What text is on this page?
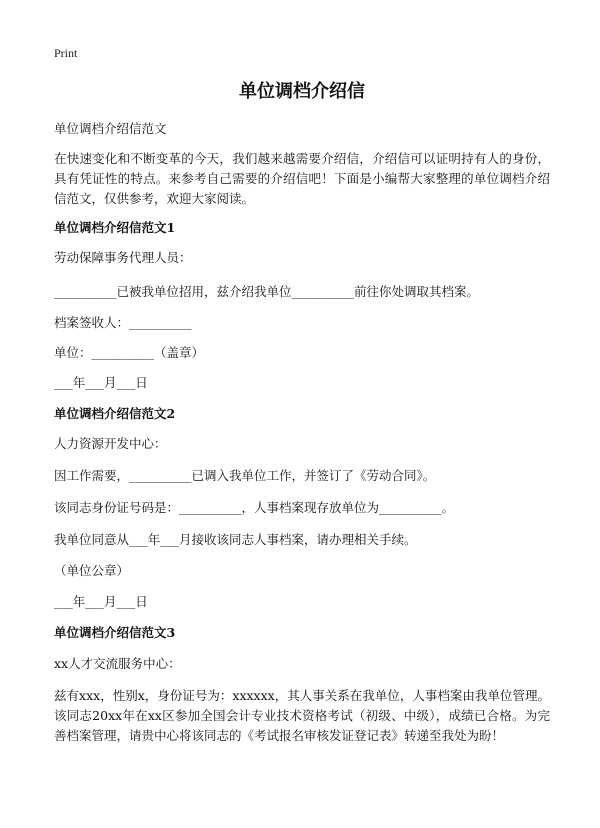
Print
单位调档介绍信
单位调档介绍信范文
在快速变化和不断变革的今天，我们越来越需要介绍信，介绍信可以证明持有人的身份，具有凭证性的特点。来参考自己需要的介绍信吧！下面是小编帮大家整理的单位调档介绍信范文，仅供参考，欢迎大家阅读。
单位调档介绍信范文1
劳动保障事务代理人员：
__________已被我单位招用，兹介绍我单位__________前往你处调取其档案。
档案签收人：__________
单位：__________（盖章）
___年___月___日
单位调档介绍信范文2
人力资源开发中心：
因工作需要，__________已调入我单位工作，并签订了《劳动合同》。
该同志身份证号码是：__________，人事档案现存放单位为__________。
我单位同意从___年___月接收该同志人事档案，请办理相关手续。
（单位公章）
___年___月___日
单位调档介绍信范文3
xx人才交流服务中心：
兹有xxx，性别x，身份证号为：xxxxxx，其人事关系在我单位，人事档案由我单位管理。该同志20xx年在xx区参加全国会计专业技术资格考试（初级、中级），成绩已合格。为完善档案管理，请贵中心将该同志的《考试报名审核发证登记表》转递至我处为盼！
